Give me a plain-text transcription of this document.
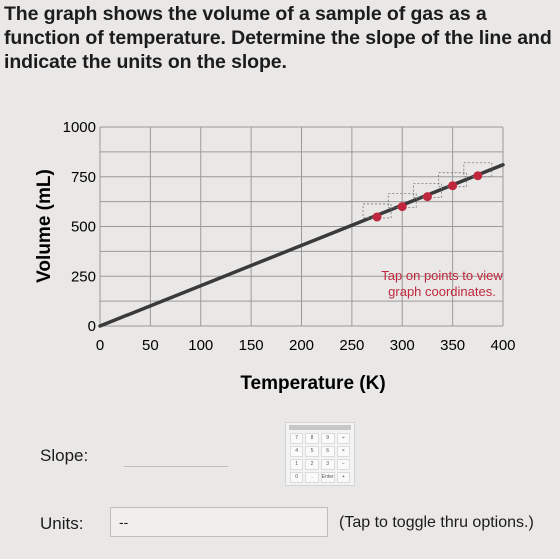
The graph shows the volume of a sample of gas as a function of temperature. Determine the slope of the line and indicate the units on the slope.

0	50 100 150 200 250 300 350 400
0
250
500
750
1000
Volume (mL)
Temperature (K)
Tap on points to view
graph coordinates.
Slope:
7	8	9	÷
4	5	6	×
1	2	3	−
0	.	Enter	+
Units:	--	(Tap to toggle thru options.)
